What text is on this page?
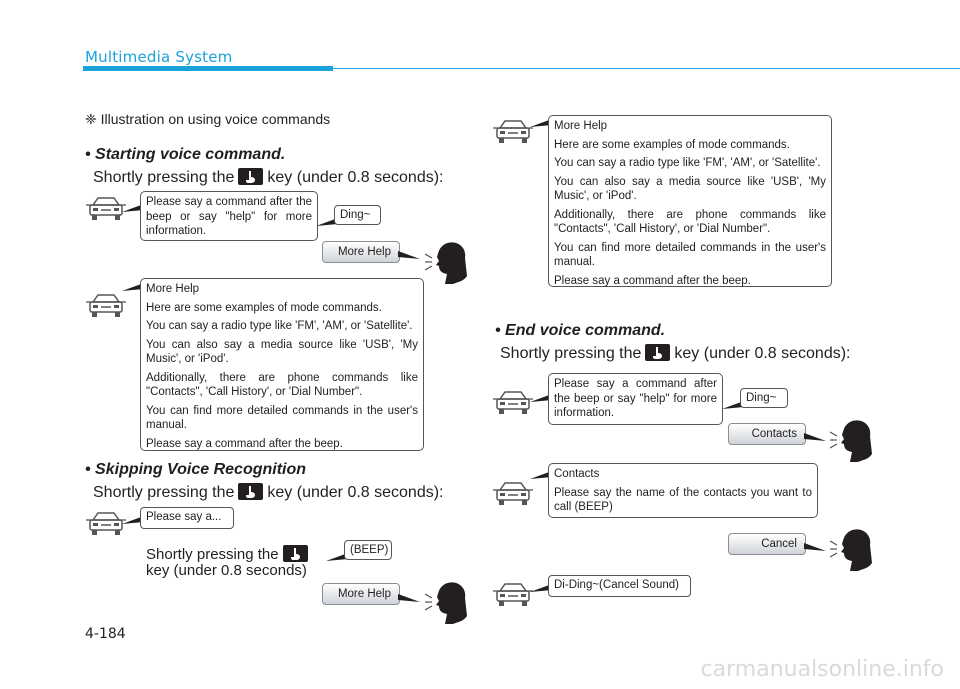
Multimedia System
❈ Illustration on using voice commands
• Starting voice command.
Shortly pressing the key (under 0.8 seconds):
Please say a command after the beep or say "help" for more information.
Ding~
More Help

More Help

Here are some examples of mode commands.

You can say a radio type like 'FM', 'AM', or 'Satellite'.

You can also say a media source like 'USB', 'My Music', or 'iPod'.

Additionally, there are phone commands like "Contacts", 'Call History', or 'Dial Number".

You can find more detailed commands in the user's manual.

Please say a command after the beep.

• Skipping Voice Recognition
Shortly pressing the key (under 0.8 seconds):
Please say a...
Shortly pressing the
key (under 0.8 seconds)
(BEEP)
More Help

More Help

Here are some examples of mode commands.

You can say a radio type like 'FM', 'AM', or 'Satellite'.

You can also say a media source like 'USB', 'My Music', or 'iPod'.

Additionally, there are phone commands like "Contacts", 'Call History', or 'Dial Number".

You can find more detailed commands in the user's manual.

Please say a command after the beep.

• End voice command.
Shortly pressing the key (under 0.8 seconds):
Please say a command after the beep or say "help" for more information.
Ding~
Contacts

Contacts

Please say the name of the contacts you want to call (BEEP)

Cancel
Di-Ding~(Cancel Sound)
4-184
carmanualsonline.info
